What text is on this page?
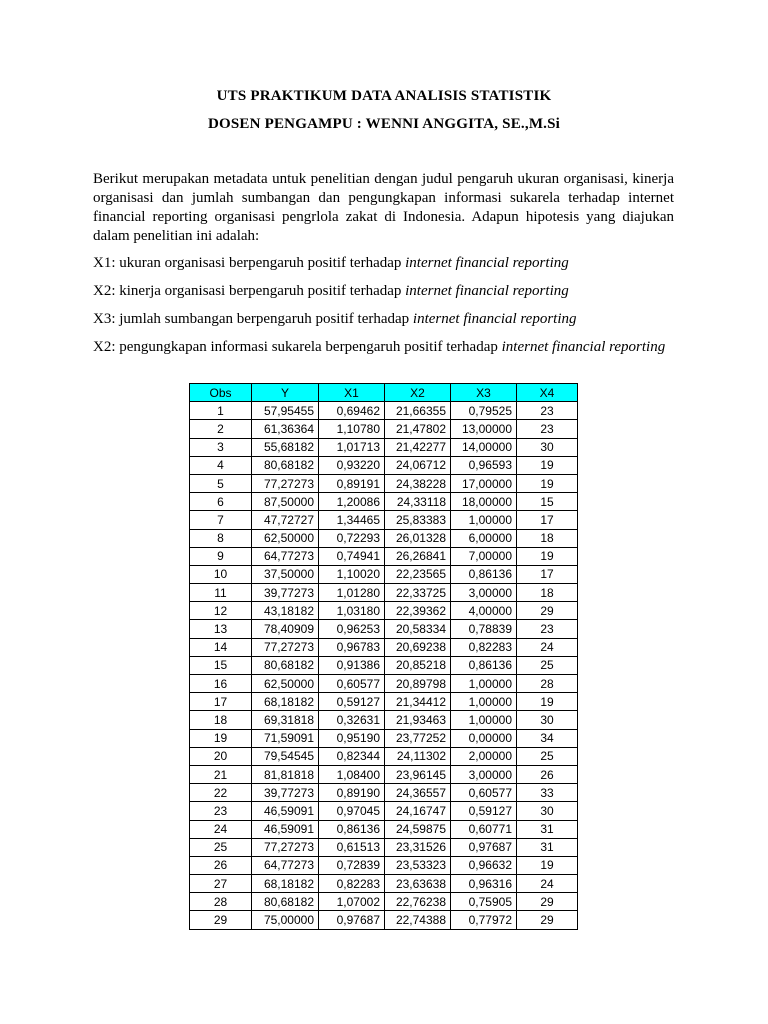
UTS PRAKTIKUM DATA ANALISIS STATISTIK
DOSEN PENGAMPU : WENNI ANGGITA, SE.,M.Si
Berikut merupakan metadata untuk penelitian dengan judul pengaruh ukuran organisasi, kinerja organisasi dan jumlah sumbangan dan pengungkapan informasi sukarela terhadap internet financial reporting organisasi pengrlola zakat di Indonesia. Adapun hipotesis yang diajukan dalam penelitian ini adalah:
X1: ukuran organisasi berpengaruh positif terhadap internet financial reporting
X2: kinerja organisasi berpengaruh positif terhadap internet financial reporting
X3: jumlah sumbangan berpengaruh positif terhadap internet financial reporting
X2: pengungkapan informasi sukarela berpengaruh positif terhadap internet financial reporting
Obs	Y	X1	X2	X3	X4
1	57,95455	0,69462	21,66355	0,79525	23
2	61,36364	1,10780	21,47802	13,00000	23
3	55,68182	1,01713	21,42277	14,00000	30
4	80,68182	0,93220	24,06712	0,96593	19
5	77,27273	0,89191	24,38228	17,00000	19
6	87,50000	1,20086	24,33118	18,00000	15
7	47,72727	1,34465	25,83383	1,00000	17
8	62,50000	0,72293	26,01328	6,00000	18
9	64,77273	0,74941	26,26841	7,00000	19
10	37,50000	1,10020	22,23565	0,86136	17
11	39,77273	1,01280	22,33725	3,00000	18
12	43,18182	1,03180	22,39362	4,00000	29
13	78,40909	0,96253	20,58334	0,78839	23
14	77,27273	0,96783	20,69238	0,82283	24
15	80,68182	0,91386	20,85218	0,86136	25
16	62,50000	0,60577	20,89798	1,00000	28
17	68,18182	0,59127	21,34412	1,00000	19
18	69,31818	0,32631	21,93463	1,00000	30
19	71,59091	0,95190	23,77252	0,00000	34
20	79,54545	0,82344	24,11302	2,00000	25
21	81,81818	1,08400	23,96145	3,00000	26
22	39,77273	0,89190	24,36557	0,60577	33
23	46,59091	0,97045	24,16747	0,59127	30
24	46,59091	0,86136	24,59875	0,60771	31
25	77,27273	0,61513	23,31526	0,97687	31
26	64,77273	0,72839	23,53323	0,96632	19
27	68,18182	0,82283	23,63638	0,96316	24
28	80,68182	1,07002	22,76238	0,75905	29
29	75,00000	0,97687	22,74388	0,77972	29
